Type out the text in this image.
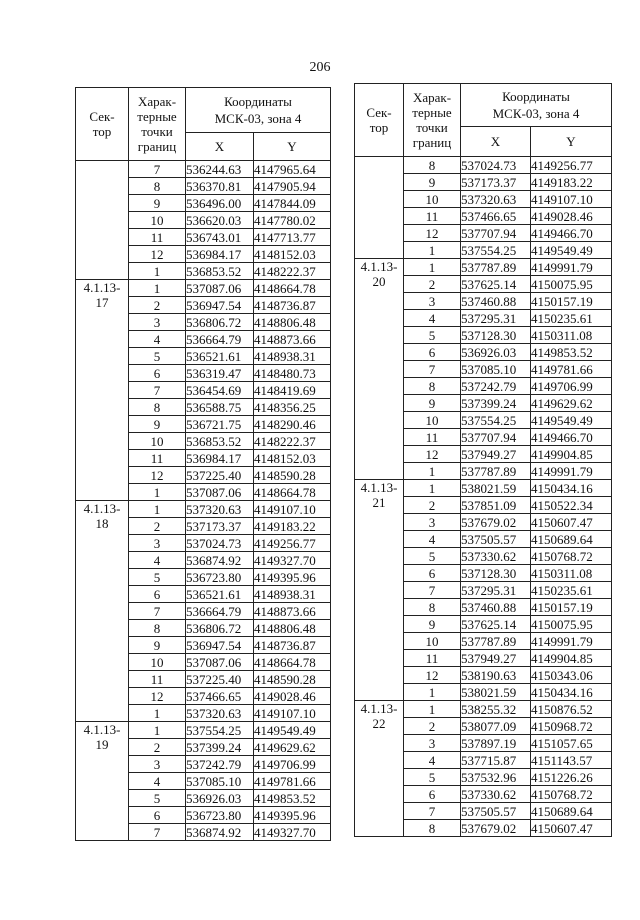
206
Сек-
тор	Харак-
терные
точки
границ	Координаты
МСК-03, зона 4	

		X	Y

	7	536244.63	4147965.64
	8	536370.81	4147905.94
	9	536496.00	4147844.09
	10	536620.03	4147780.02
	11	536743.01	4147713.77
	12	536984.17	4148152.03
	1	536853.52	4148222.37

4.1.13-
17	1	537087.06	4148664.78
	2	536947.54	4148736.87
	3	536806.72	4148806.48
	4	536664.79	4148873.66
	5	536521.61	4148938.31
	6	536319.47	4148480.73
	7	536454.69	4148419.69
	8	536588.75	4148356.25
	9	536721.75	4148290.46
	10	536853.52	4148222.37
	11	536984.17	4148152.03
	12	537225.40	4148590.28
	1	537087.06	4148664.78

4.1.13-
18	1	537320.63	4149107.10
	2	537173.37	4149183.22
	3	537024.73	4149256.77
	4	536874.92	4149327.70
	5	536723.80	4149395.96
	6	536521.61	4148938.31
	7	536664.79	4148873.66
	8	536806.72	4148806.48
	9	536947.54	4148736.87
	10	537087.06	4148664.78
	11	537225.40	4148590.28
	12	537466.65	4149028.46
	1	537320.63	4149107.10

4.1.13-
19	1	537554.25	4149549.49
	2	537399.24	4149629.62
	3	537242.79	4149706.99
	4	537085.10	4149781.66
	5	536926.03	4149853.52
	6	536723.80	4149395.96
	7	536874.92	4149327.70
Сек-
тор	Харак-
терные
точки
границ	Координаты
МСК-03, зона 4	

		X	Y

	8	537024.73	4149256.77
	9	537173.37	4149183.22
	10	537320.63	4149107.10
	11	537466.65	4149028.46
	12	537707.94	4149466.70
	1	537554.25	4149549.49

4.1.13-
20	1	537787.89	4149991.79
	2	537625.14	4150075.95
	3	537460.88	4150157.19
	4	537295.31	4150235.61
	5	537128.30	4150311.08
	6	536926.03	4149853.52
	7	537085.10	4149781.66
	8	537242.79	4149706.99
	9	537399.24	4149629.62
	10	537554.25	4149549.49
	11	537707.94	4149466.70
	12	537949.27	4149904.85
	1	537787.89	4149991.79

4.1.13-
21	1	538021.59	4150434.16
	2	537851.09	4150522.34
	3	537679.02	4150607.47
	4	537505.57	4150689.64
	5	537330.62	4150768.72
	6	537128.30	4150311.08
	7	537295.31	4150235.61
	8	537460.88	4150157.19
	9	537625.14	4150075.95
	10	537787.89	4149991.79
	11	537949.27	4149904.85
	12	538190.63	4150343.06
	1	538021.59	4150434.16

4.1.13-
22	1	538255.32	4150876.52
	2	538077.09	4150968.72
	3	537897.19	4151057.65
	4	537715.87	4151143.57
	5	537532.96	4151226.26
	6	537330.62	4150768.72
	7	537505.57	4150689.64
	8	537679.02	4150607.47
